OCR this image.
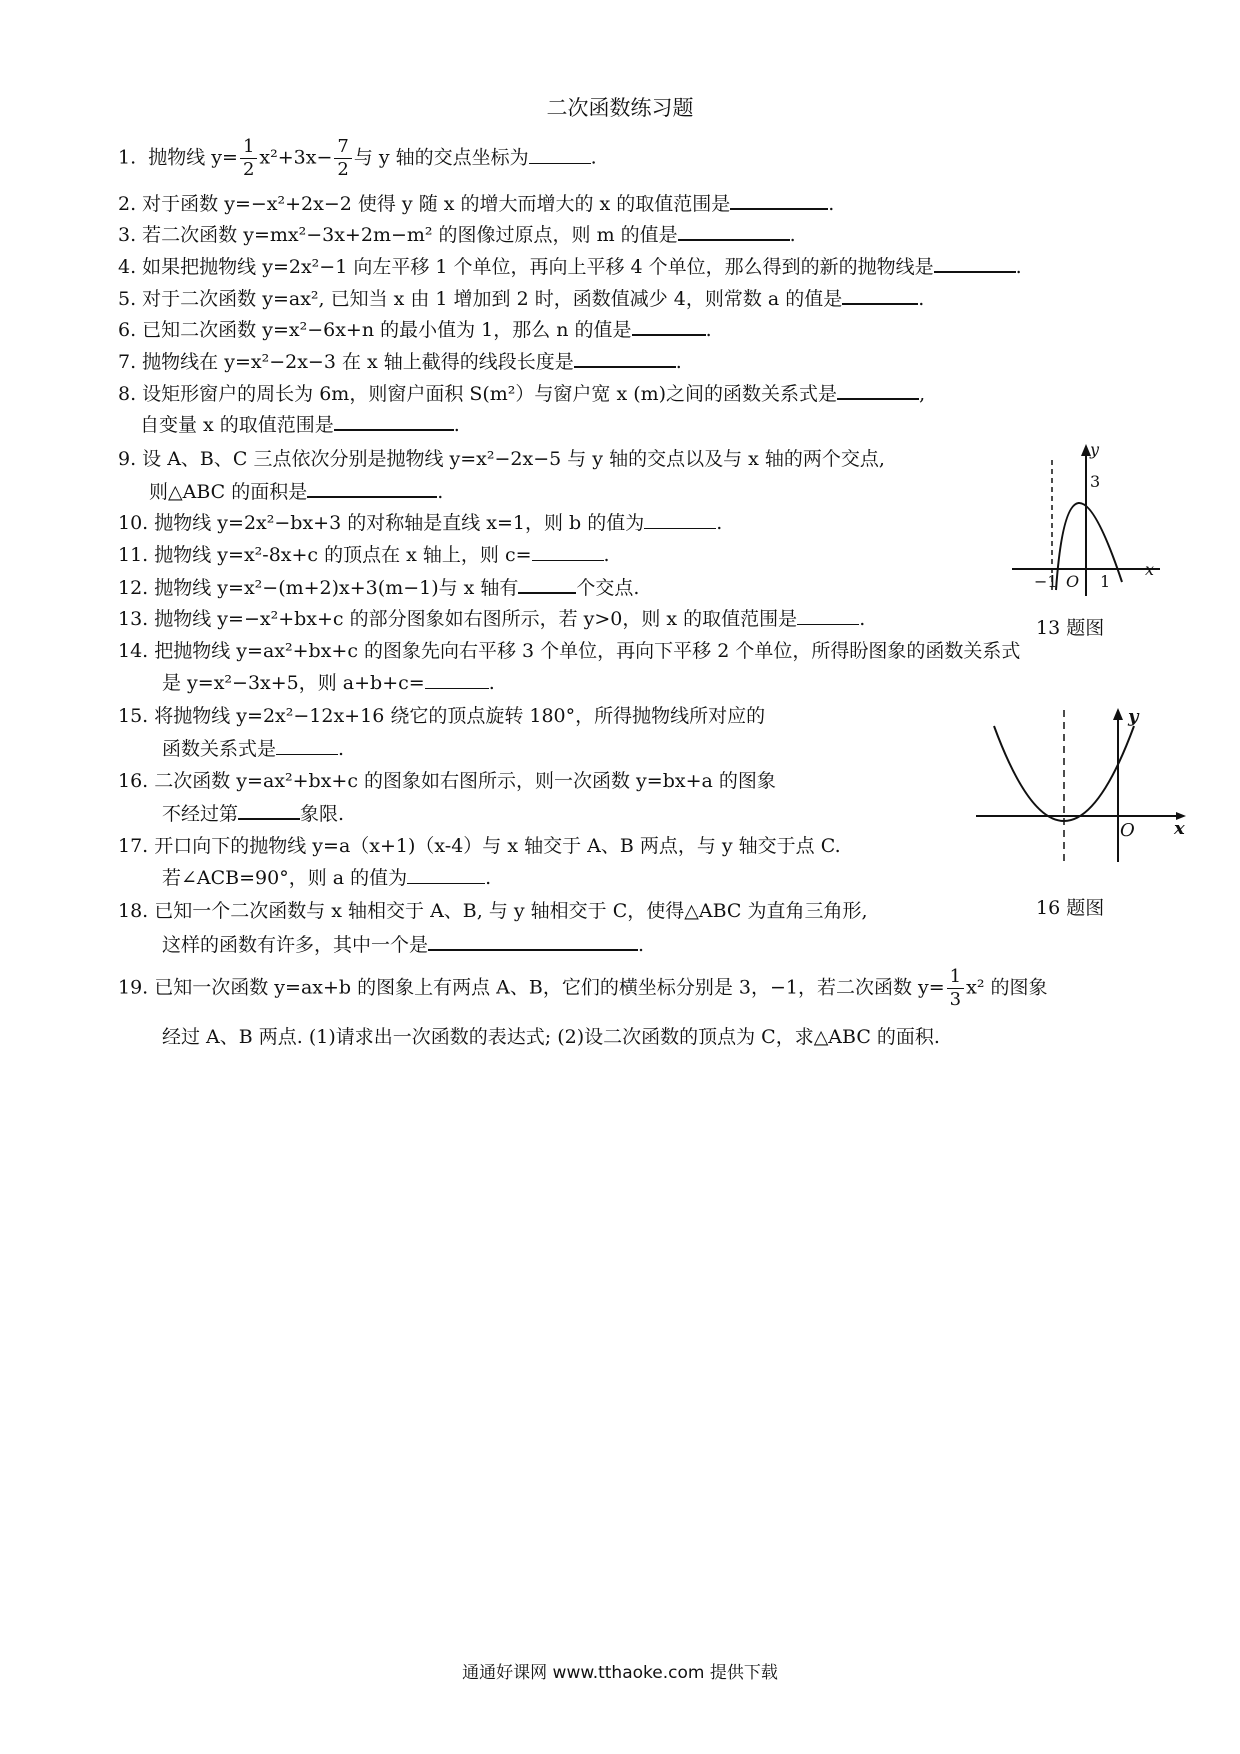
二次函数练习题
1. 抛物线 $y= \frac{1}{2} x^2+3x- \frac{7}{2}$ 与 y 轴的交点坐标为	.
2. 对于函数 y=−x²+2x−2 使得 y 随 x 的增大而增大的 x 的取值范围是	.
3. 若二次函数 y=mx²−3x+2m−m² 的图像过原点，则 m 的值是	.
4. 如果把抛物线 y=2x²−1 向左平移 1 个单位，再向上平移 4 个单位，那么得到的新的抛物线是	.
5. 对于二次函数 y=ax², 已知当 x 由 1 增加到 2 时，函数值减少 4，则常数 a 的值是	.
6. 已知二次函数 y=x²−6x+n 的最小值为 1，那么 n 的值是	.
7. 抛物线在 y=x²−2x−3 在 x 轴上截得的线段长度是	.
8. 设矩形窗户的周长为 6m，则窗户面积 S(m²）与窗户宽 x (m)之间的函数关系式是	,
自变量 x 的取值范围是	.
9. 设 A、B、C 三点依次分别是抛物线 y=x²−2x−5 与 y 轴的交点以及与 x 轴的两个交点,
则△ABC 的面积是	.
10. 抛物线 y=2x²−bx+3 的对称轴是直线 x=1，则 b 的值为	.
11. 抛物线 y=x²-8x+c 的顶点在 x 轴上，则 c=	.
12. 抛物线 y=x²−(m+2)x+3(m−1)与 x 轴有	个交点.
13. 抛物线 y=−x²+bx+c 的部分图象如右图所示，若 y>0，则 x 的取值范围是	.
14. 把抛物线 y=ax²+bx+c 的图象先向右平移 3 个单位，再向下平移 2 个单位，所得盼图象的函数关系式
是 y=x²−3x+5，则 a+b+c=	.
15. 将抛物线 y=2x²−12x+16 绕它的顶点旋转 180°，所得抛物线所对应的
函数关系式是	.
16. 二次函数 y=ax²+bx+c 的图象如右图所示，则一次函数 y=bx+a 的图象
不经过第	象限.
17. 开口向下的抛物线 y=a（x+1)（x-4）与 x 轴交于 A、B 两点，与 y 轴交于点 C.
若∠ACB=90°，则 a 的值为	.
18. 已知一个二次函数与 x 轴相交于 A、B, 与 y 轴相交于 C，使得△ABC 为直角三角形,
这样的函数有许多，其中一个是	.
19. 已知一次函数 y=ax+b 的图象上有两点 A、B，它们的横坐标分别是 3，−1，若二次函数 $y= \frac{1}{3} x^2$ 的图象
经过 A、B 两点. (1)请求出一次函数的表达式; (2)设二次函数的顶点为 C，求△ABC 的面积.
y
3
−1 O 1
x
13 题图
y
O x
16 题图
通通好课网 www.tthaoke.com 提供下载
